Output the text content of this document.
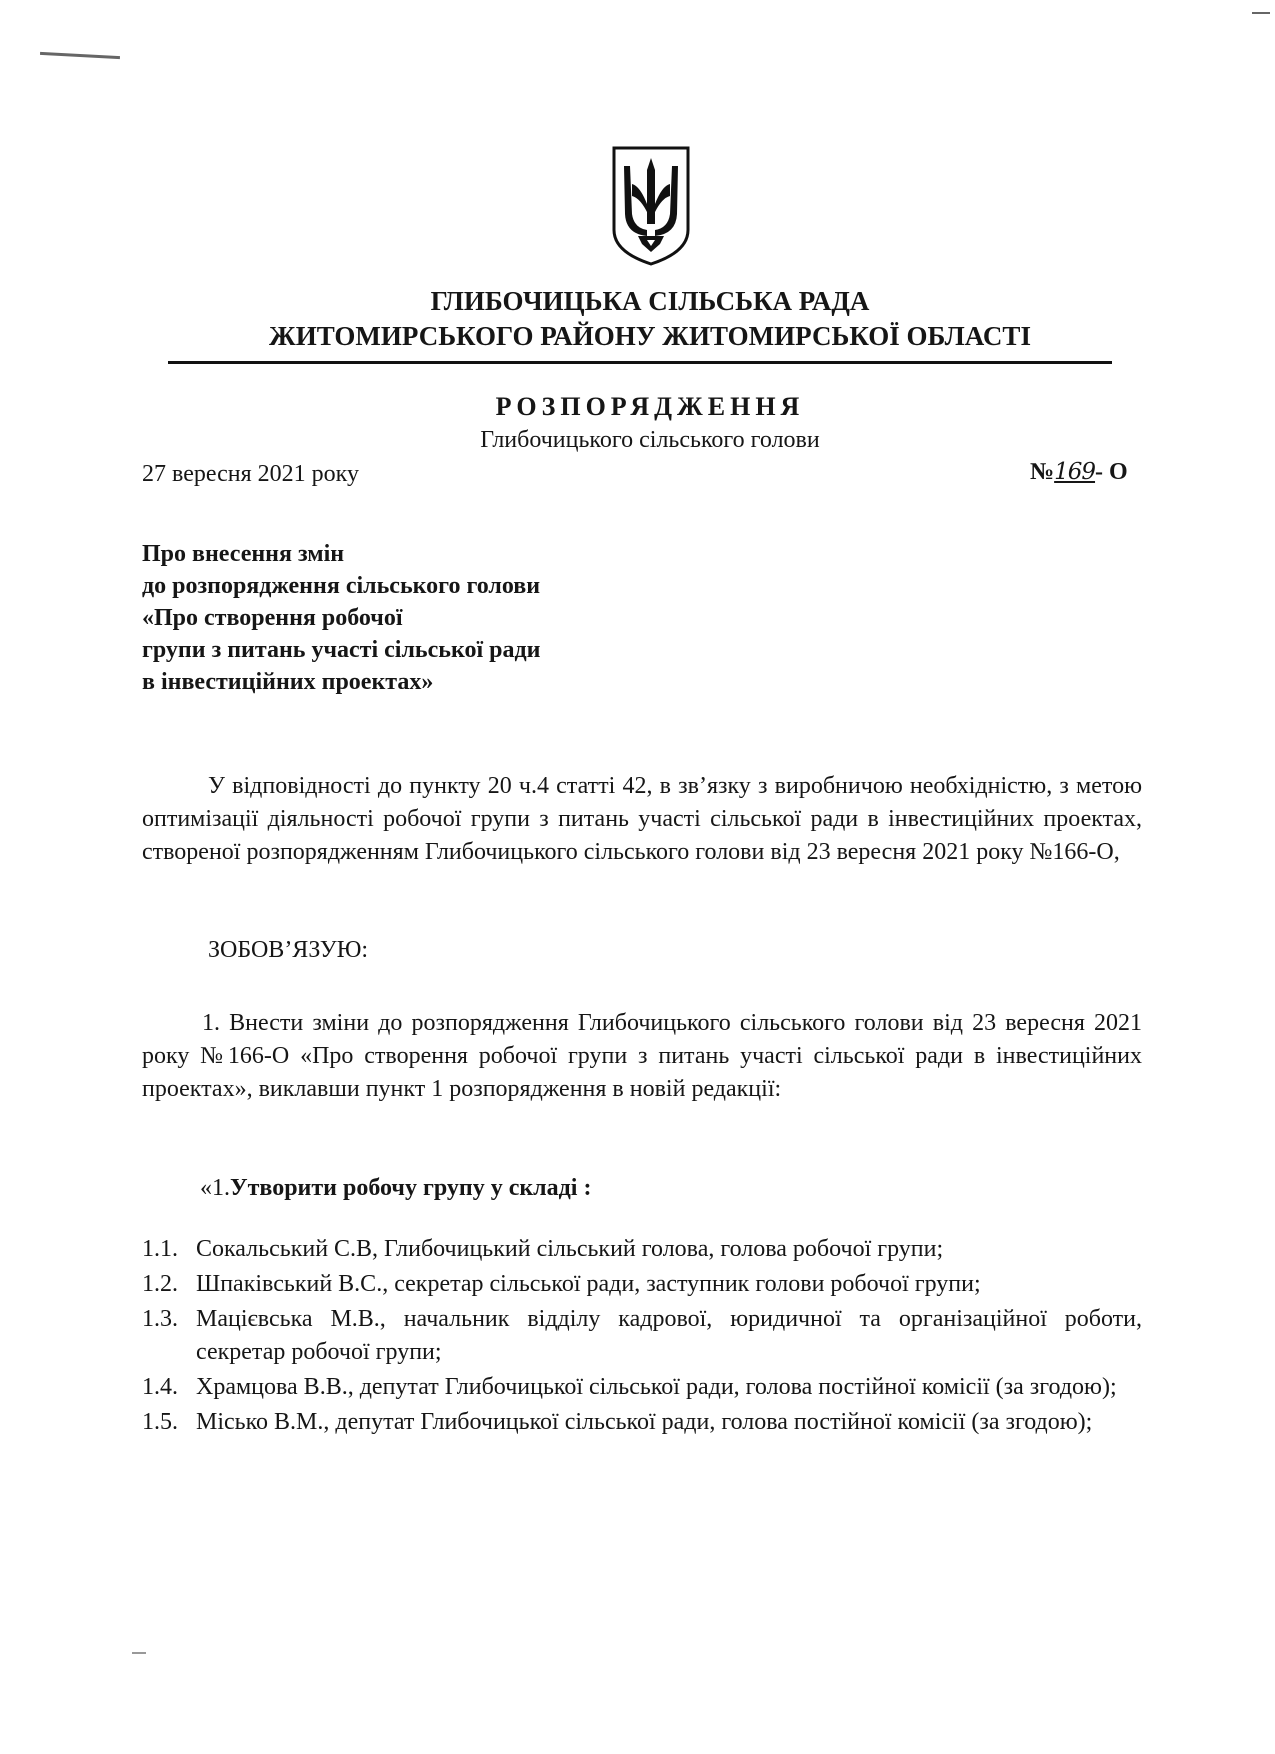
ГЛИБОЧИЦЬКА СІЛЬСЬКА РАДА
ЖИТОМИРСЬКОГО РАЙОНУ ЖИТОМИРСЬКОЇ ОБЛАСТІ
РОЗПОРЯДЖЕННЯ
Глибочицького сільського голови
27 вересня 2021 року	№169- О
Про внесення змін
до розпорядження сільського голови
«Про створення робочої
групи з питань участі сільської ради
в інвестиційних проектах»
У відповідності до пункту 20 ч.4 статті 42, в зв’язку з виробничою необхідністю, з метою оптимізації діяльності робочої групи з питань участі сільської ради в інвестиційних проектах, створеної розпорядженням Глибочицького сільського голови від 23 вересня 2021 року №166-О,
ЗОБОВ’ЯЗУЮ:
1. Внести зміни до розпорядження Глибочицького сільського голови від 23 вересня 2021 року №166-О «Про створення робочої групи з питань участі сільської ради в інвестиційних проектах», виклавши пункт 1 розпорядження в новій редакції:
«1.Утворити робочу групу у складі :
1.1. Сокальський С.В, Глибочицький сільський голова, голова робочої групи;
1.2. Шпаківський В.С., секретар сільської ради, заступник голови робочої групи;
1.3. Мацієвська М.В., начальник відділу кадрової, юридичної та організаційної роботи, секретар робочої групи;
1.4. Храмцова В.В., депутат Глибочицької сільської ради, голова постійної комісії (за згодою);
1.5. Місько В.М., депутат Глибочицької сільської ради, голова постійної комісії (за згодою);
